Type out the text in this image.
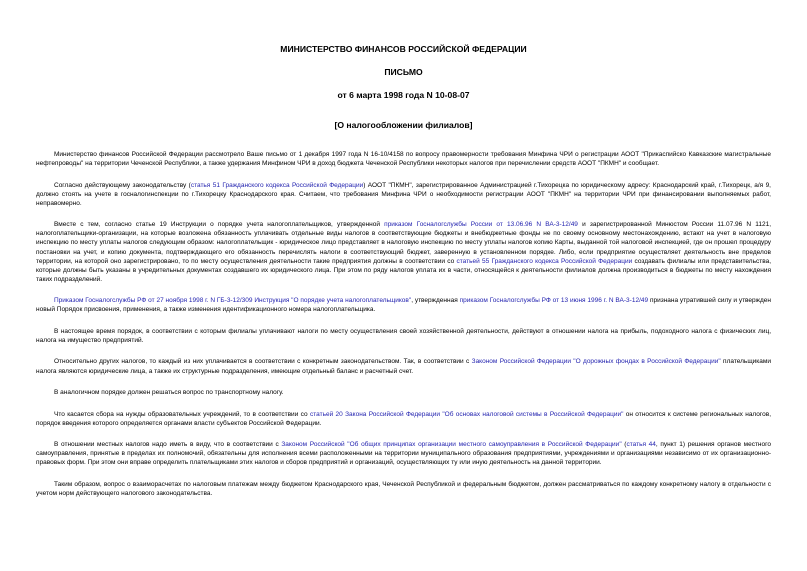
МИНИСТЕРСТВО ФИНАНСОВ РОССИЙСКОЙ ФЕДЕРАЦИИ
ПИСЬМО
от 6 марта 1998 года N 10-08-07
[О налогообложении филиалов]

Министерство финансов Российской Федерации рассмотрело Ваше письмо от 1 декабря 1997 года N 16-10/4158 по вопросу правомерности требования Минфина ЧРИ о регистрации АООТ "Прикаспийско Кавказские магистральные нефтепроводы" на территории Чеченской Республики, а также удержания Минфином ЧРИ в доход бюджета Чеченской Республики некоторых налогов при перечислении средств АООТ "ПКМН" и сообщает.

Согласно действующему законодательству (статья 51 Гражданского кодекса Российской Федерации) АООТ "ПКМН", зарегистрированное Администрацией г.Тихорецка по юридическому адресу: Краснодарский край, г.Тихорецк, а/я 9, должно стоять на учете в госналогинспекции по г.Тихорецку Краснодарского края. Считаем, что требования Минфина ЧРИ о необходимости регистрации АООТ "ПКМН" на территории ЧРИ при финансировании выполняемых работ, неправомерно.

Вместе с тем, согласно статье 19 Инструкции о порядке учета налогоплательщиков, утвержденной приказом Госналогслужбы России от 13.06.96 N ВА-3-12/49 и зарегистрированной Минюстом России 11.07.96 N 1121, налогоплательщики-организации, на которые возложена обязанность уплачивать отдельные виды налогов в соответствующие бюджеты и внебюджетные фонды не по своему основному местонахождению, встают на учет в налоговую инспекцию по месту уплаты налогов следующим образом: налогоплательщик - юридическое лицо представляет в налоговую инспекцию по месту уплаты налогов копию Карты, выданной той налоговой инспекцией, где он прошел процедуру постановки на учет, и копию документа, подтверждающего его обязанность перечислять налоги в соответствующий бюджет, заверенную в установленном порядке. Либо, если предприятие осуществляет деятельность вне пределов территории, на которой оно зарегистрировано, то по месту осуществления деятельности такие предприятия должны в соответствии со статьей 55 Гражданского кодекса Российской Федерации создавать филиалы или представительства, которые должны быть указаны в учредительных документах создавшего их юридического лица. При этом по ряду налогов уплата их в части, относящейся к деятельности филиалов должна производиться в бюджеты по месту нахождения таких подразделений.

Приказом Госналогслужбы РФ от 27 ноября 1998 г. N ГБ-3-12/309 Инструкция "О порядке учета налогоплательщиков", утвержденная приказом Госналогслужбы РФ от 13 июня 1996 г. N ВА-3-12/49 признана утратившей силу и утвержден новый Порядок присвоения, применения, а также изменения идентификационного номера налогоплательщика.

В настоящее время порядок, в соответствии с которым филиалы уплачивают налоги по месту осуществления своей хозяйственной деятельности, действуют в отношении налога на прибыль, подоходного налога с физических лиц, налога на имущество предприятий.

Относительно других налогов, то каждый из них уплачивается в соответствии с конкретным законодательством. Так, в соответствии с Законом Российской Федерации "О дорожных фондах в Российской Федерации" плательщиками налога являются юридические лица, а также их структурные подразделения, имеющие отдельный баланс и расчетный счет.

В аналогичном порядке должен решаться вопрос по транспортному налогу.

Что касается сбора на нужды образовательных учреждений, то в соответствии со статьей 20 Закона Российской Федерации "Об основах налоговой системы в Российской Федерации" он относится к системе региональных налогов, порядок введения которого определяется органами власти субъектов Российской Федерации.

В отношении местных налогов надо иметь в виду, что в соответствии с Законом Российской "Об общих принципах организации местного самоуправления в Российской Федерации" (статья 44, пункт 1) решения органов местного самоуправления, принятые в пределах их полномочий, обязательны для исполнения всеми расположенными на территории муниципального образования предприятиями, учреждениями и организациями независимо от их организационно-правовых форм. При этом они вправе определить плательщиками этих налогов и сборов предприятий и организаций, осуществляющих ту или иную деятельность на данной территории.

Таким образом, вопрос о взаиморасчетах по налоговым платежам между бюджетом Краснодарского края, Чеченской Республикой и федеральным бюджетом, должен рассматриваться по каждому конкретному налогу в отдельности с учетом норм действующего налогового законодательства.
